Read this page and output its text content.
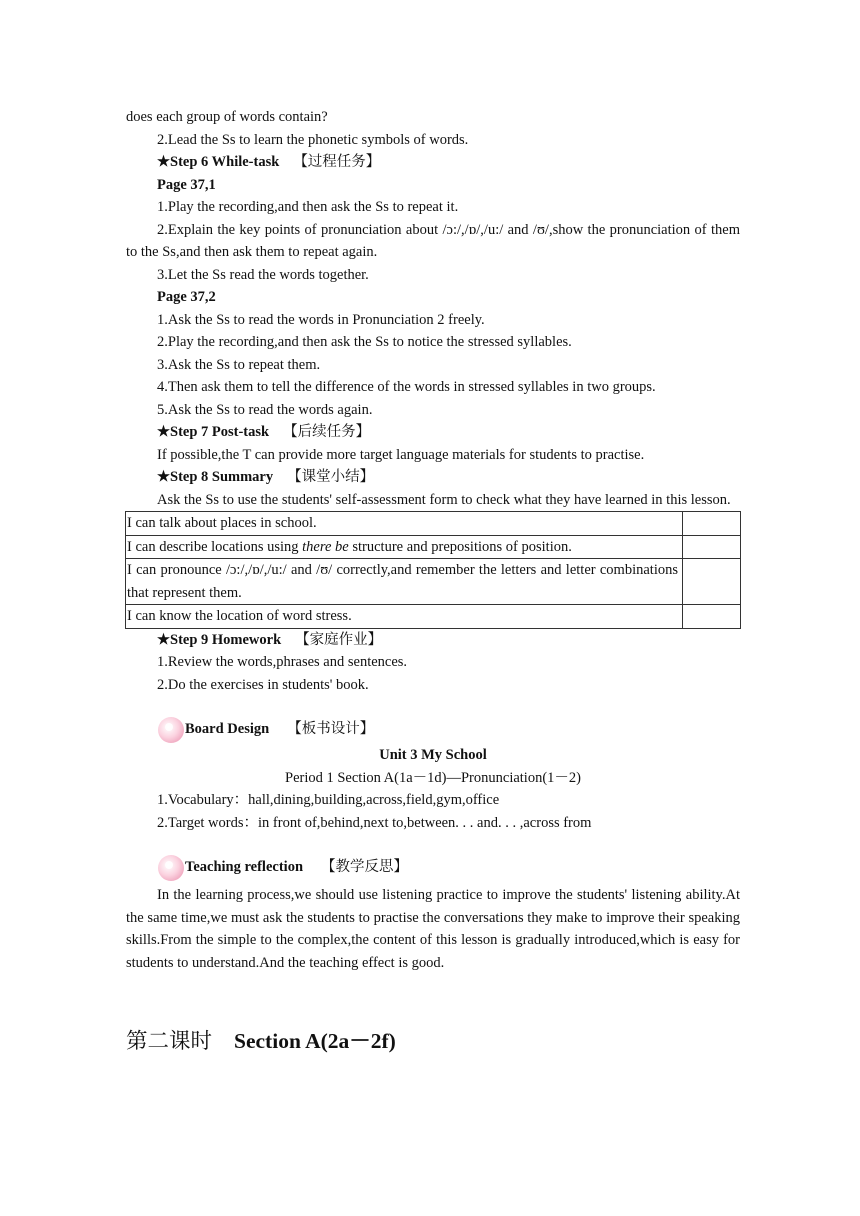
does each group of words contain?

2.Lead the Ss to learn the phonetic symbols of words.

★Step 6 While-task 【过程任务】

Page 37,1

1.Play the recording,and then ask the Ss to repeat it.

2.Explain the key points of pronunciation about /ɔ:/,/ɒ/,/u:/ and /ʊ/,show the pronunciation of them to the Ss,and then ask them to repeat again.

3.Let the Ss read the words together.

Page 37,2

1.Ask the Ss to read the words in Pronunciation 2 freely.

2.Play the recording,and then ask the Ss to notice the stressed syllables.

3.Ask the Ss to repeat them.

4.Then ask them to tell the difference of the words in stressed syllables in two groups.

5.Ask the Ss to read the words again.

★Step 7 Post-task 【后续任务】

If possible,the T can provide more target language materials for students to practise.

★Step 8 Summary 【课堂小结】

Ask the Ss to use the students' self-assessment form to check what they have learned in this lesson.

I can talk about places in school.	
I can describe locations using there be structure and prepositions of position.	
I can pronounce /ɔ:/,/ɒ/,/u:/ and /ʊ/ correctly,and remember the letters and letter combinations that represent them.	
I can know the location of word stress.	

★Step 9 Homework 【家庭作业】

1.Review the words,phrases and sentences.

2.Do the exercises in students' book.

Board Design 【板书设计】

Unit 3 My School

Period 1 Section A(1a－1d)—Pronunciation(1－2)

1.Vocabulary：hall,dining,building,across,field,gym,office

2.Target words：in front of,behind,next to,between. . . and. . . ,across from

Teaching reflection 【教学反思】

In the learning process,we should use listening practice to improve the students' listening ability.At the same time,we must ask the students to practise the conversations they make to improve their speaking skills.From the simple to the complex,the content of this lesson is gradually introduced,which is easy for students to understand.And the teaching effect is good.

第二课时 Section A(2a－2f)
